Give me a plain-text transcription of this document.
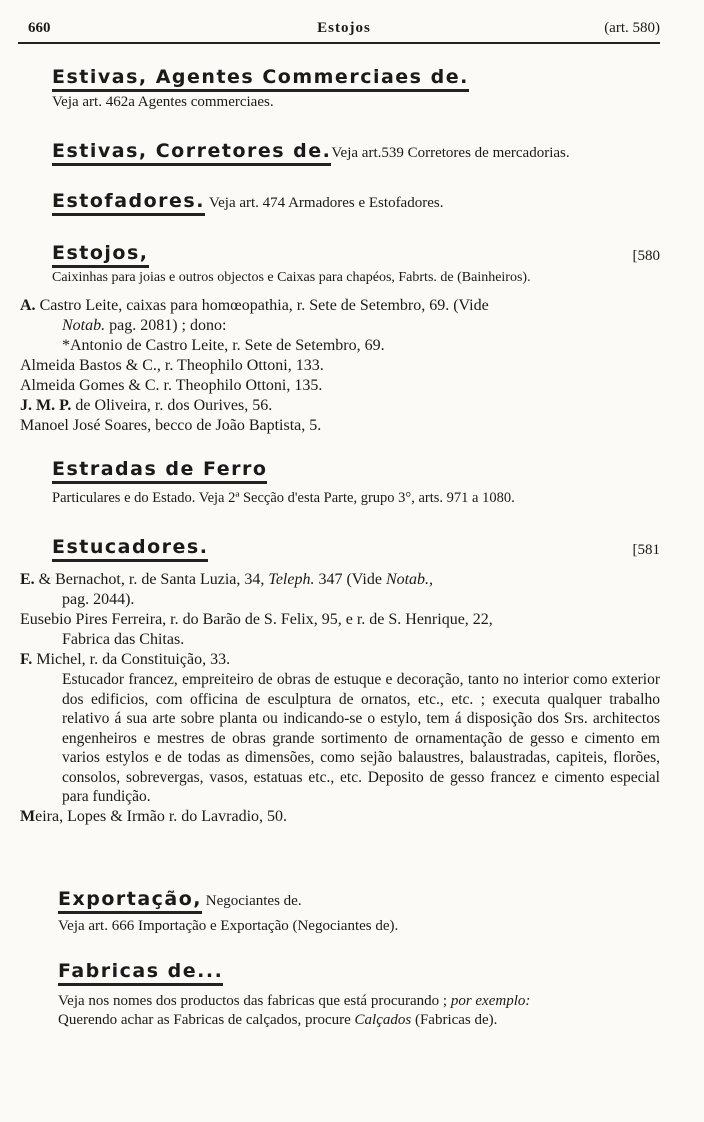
660	Estojos	(art. 580)
Estivas, Agentes Commerciaes de.
Veja art. 462a Agentes commerciaes.
Estivas, Corretores de.Veja art.539 Corretores de mercadorias.
Estofadores. Veja art. 474 Armadores e Estofadores.
Estojos,	[580
Caixinhas para joias e outros objectos e Caixas para chapéos, Fabrts. de (Bainheiros).

A. Castro Leite, caixas para homœopathia, r. Sete de Setembro, 69. (Vide

Notab. pag. 2081) ; dono:

*Antonio de Castro Leite, r. Sete de Setembro, 69.

Almeida Bastos & C., r. Theophilo Ottoni, 133.

Almeida Gomes & C. r. Theophilo Ottoni, 135.

J. M. P. de Oliveira, r. dos Ourives, 56.

Manoel José Soares, becco de João Baptista, 5.

Estradas de Ferro
Particulares e do Estado. Veja 2ª Secção d'esta Parte, grupo 3°, arts. 971 a 1080.
Estucadores.	[581

E. & Bernachot, r. de Santa Luzia, 34, Teleph. 347 (Vide Notab.,

pag. 2044).

Eusebio Pires Ferreira, r. do Barão de S. Felix, 95, e r. de S. Henrique, 22,

Fabrica das Chitas.

F. Michel, r. da Constituição, 33.

Estucador francez, empreiteiro de obras de estuque e decoração, tanto no interior como exterior dos edificios, com officina de esculptura de ornatos, etc., etc. ; executa qualquer trabalho relativo á sua arte sobre planta ou indicando-se o estylo, tem á disposição dos Srs. architectos engenheiros e mestres de obras grande sortimento de ornamentação de gesso e cimento em varios estylos e de todas as dimensões, como sejão balaustres, balaustradas, capiteis, florões, consolos, sobrevergas, vasos, estatuas etc., etc. Deposito de gesso francez e cimento especial para fundição.

Meira, Lopes & Irmão r. do Lavradio, 50.

Exportação, Negociantes de.
Veja art. 666 Importação e Exportação (Negociantes de).
Fabricas de...
Veja nos nomes dos productos das fabricas que está procurando ; por exemplo:
Querendo achar as Fabricas de calçados, procure Calçados (Fabricas de).
